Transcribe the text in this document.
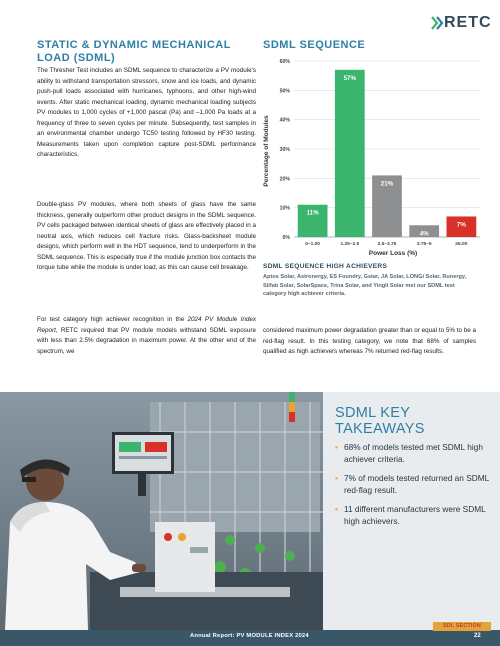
RETC
STATIC & DYNAMIC MECHANICAL LOAD (SDML)
SDML SEQUENCE

The Thresher Test includes an SDML sequence to characterize a PV module's ability to withstand transportation stressors, snow and ice loads, and dynamic push-pull loads associated with hurricanes, typhoons, and other high-wind events. After static mechanical loading, dynamic mechanical loading subjects PV modules to 1,000 cycles of +1,000 pascal (Pa) and –1,000 Pa loads at a frequency of three to seven cycles per minute. Subsequently, test samples in an environmental chamber undergo TC50 testing followed by HF30 testing. Measurements taken upon completion capture post-SDML performance characteristics.

Double-glass PV modules, where both sheets of glass have the same thickness, generally outperform other product designs in the SDML sequence. PV cells packaged between identical sheets of glass are effectively placed in a neutral axis, which reduces cell fracture risks. Glass-backsheet module designs, which perform well in the HDT sequence, tend to underperform in the SDML sequence. This is especially true if the module junction box contacts the torque tube while the module is under load, as this can cause cell breakage.

For test category high achiever recognition in the 2024 PV Module Index Report, RETC required that PV module models withstand SDML exposure with less than 2.5% degradation in maximum power. At the other end of the spectrum, we

11%
57%
21%
4%
7%
0%
10%
20%
30%
40%
50%
60%
0–1.00	1.25–2.5	2.5–3.75	3.75–5	≥5.00
Percentage of Modules
Power Loss (%)
SDML SEQUENCE HIGH ACHIEVERS
Aptos Solar, Astronergy, ES Foundry, Gstar, JA Solar, LONGi Solar, Runergy, Silfab Solar, SolarSpace, Trina Solar, and Yingli Solar met our SDML test category high achiever criteria.

considered maximum power degradation greater than or equal to 5% to be a red-flag result. In this testing category, we note that 68% of samples qualified as high achievers whereas 7% returned red-flag results.

SDML KEY TAKEAWAYS
• 68% of models tested met SDML high achiever criteria.
• 7% of models tested returned an SDML red-flag result.
• 11 different manufacturers were SDML high achievers.
SDL SECTION
Annual Report: PV MODULE INDEX 2024	22
